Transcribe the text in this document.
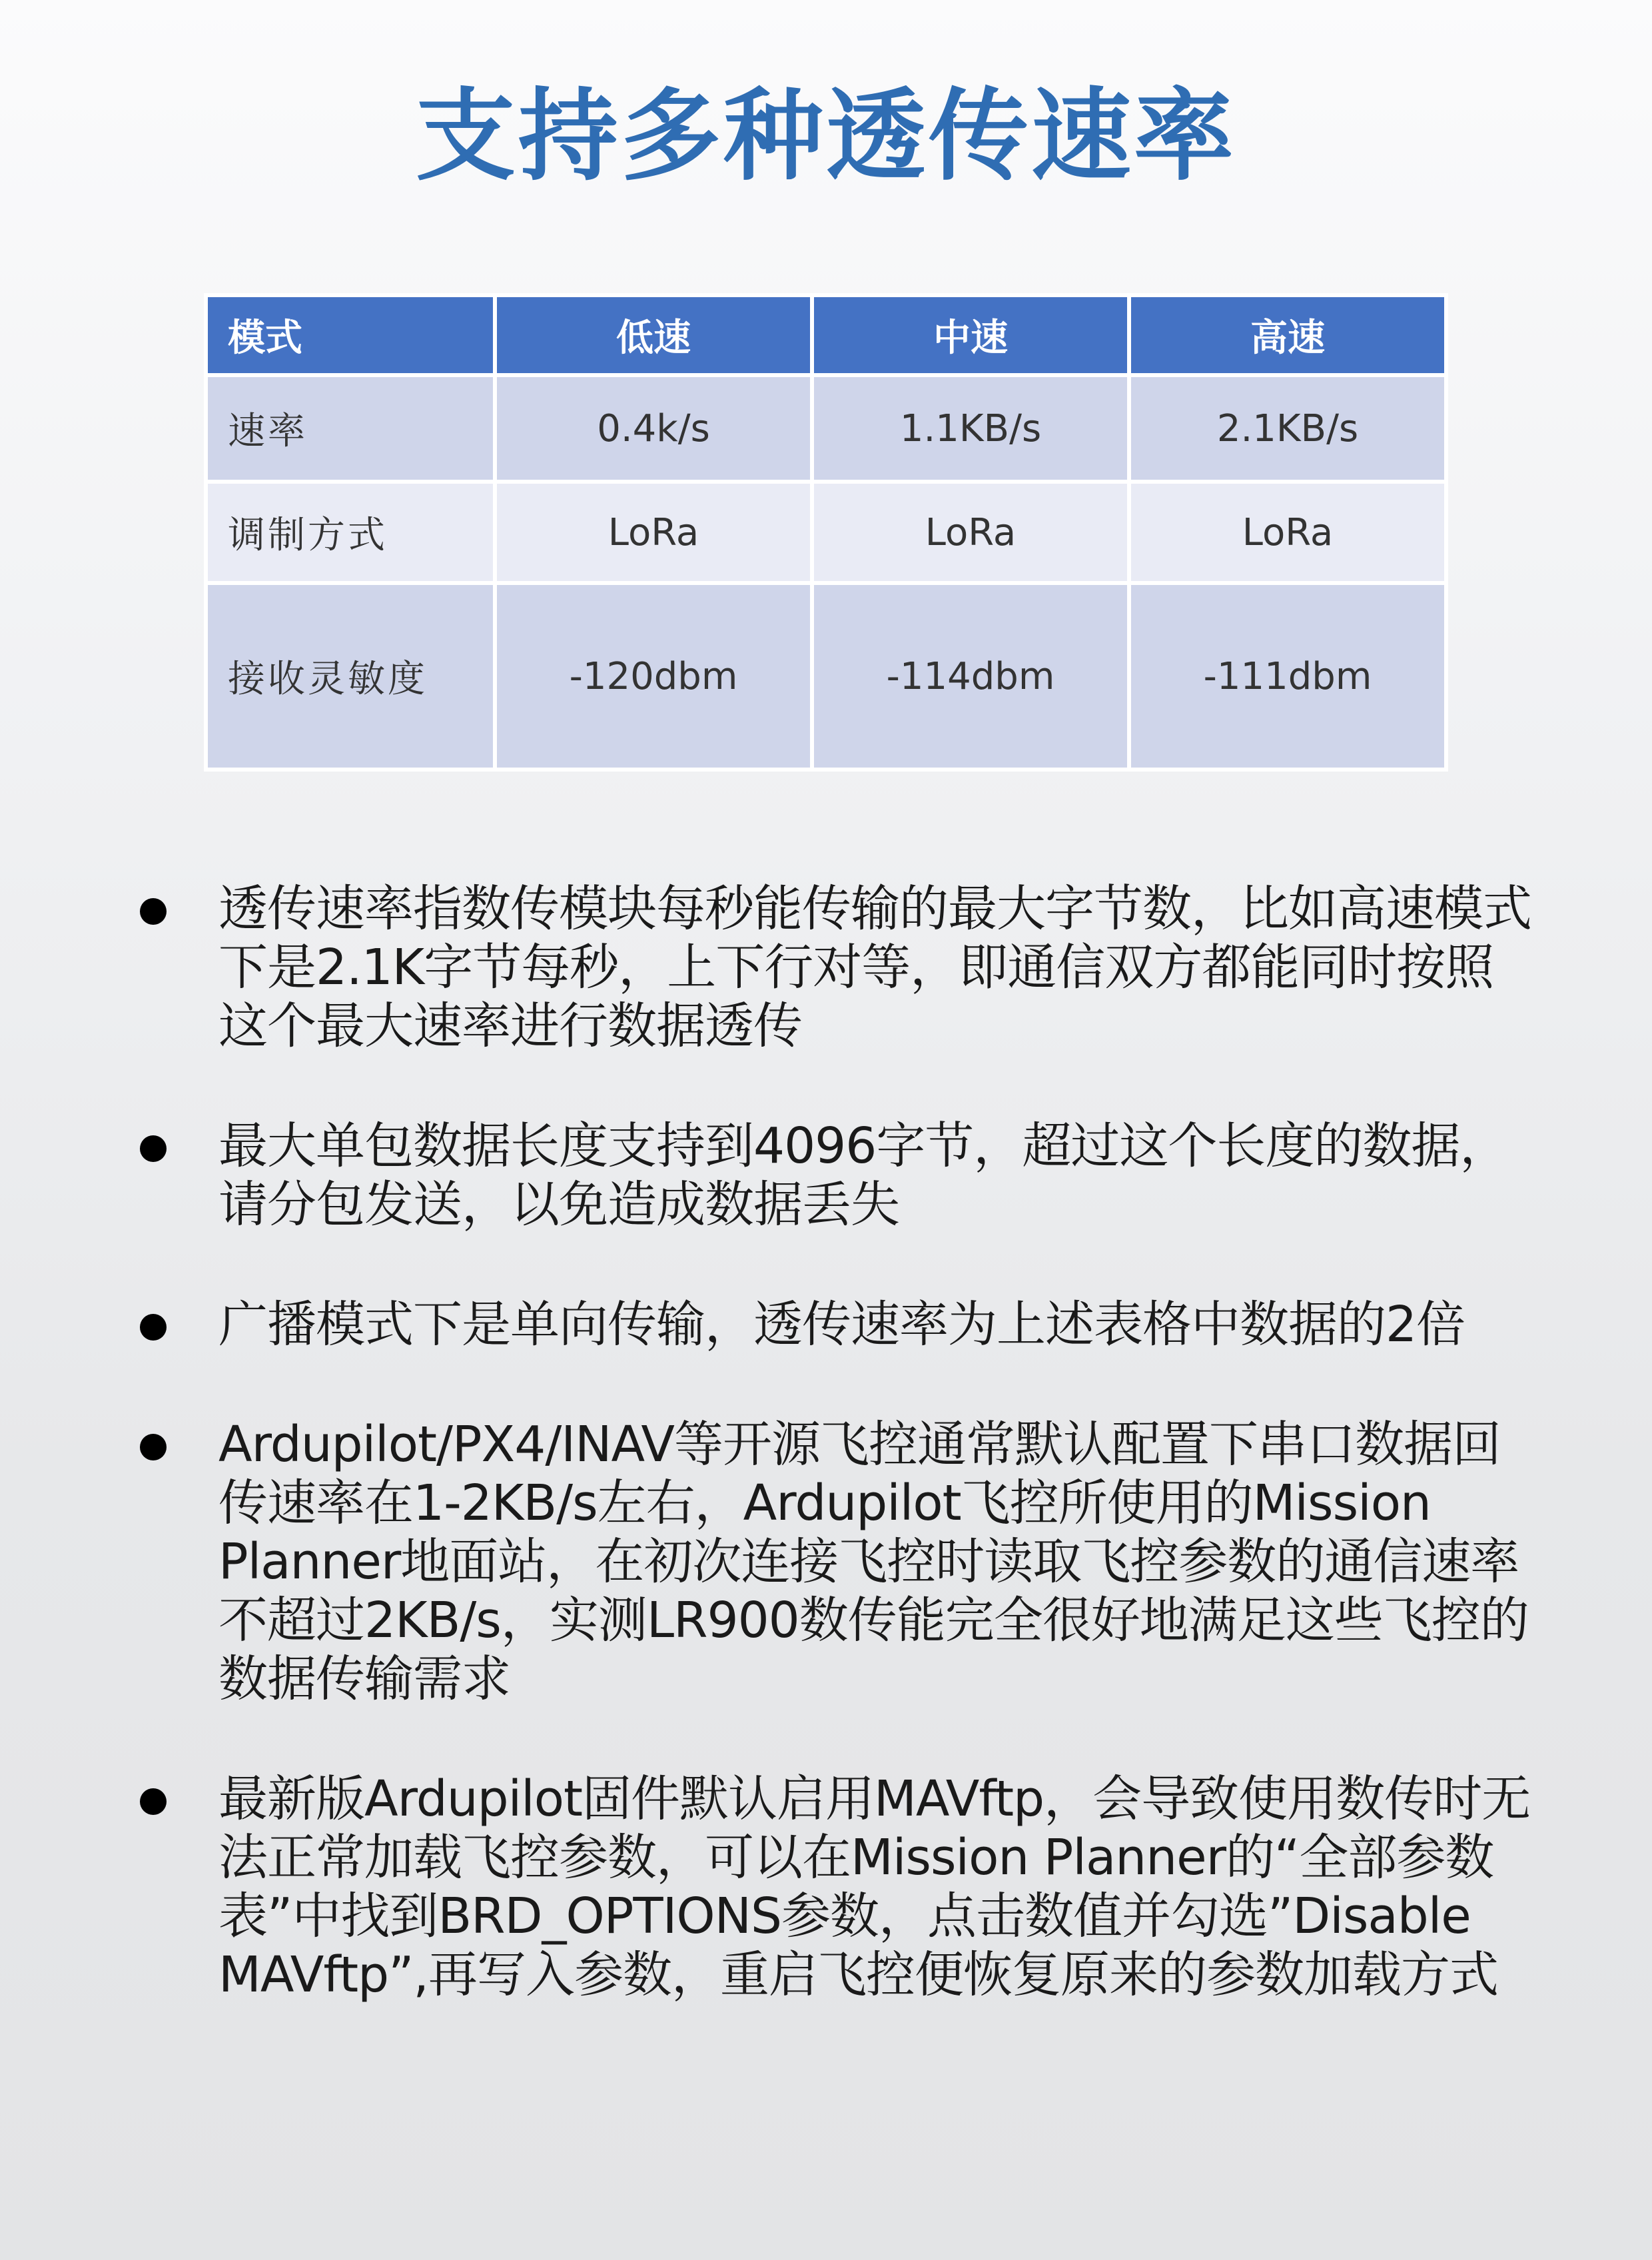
支持多种透传速率
模式	低速	中速	高速
速率	0.4k/s	1.1KB/s	2.1KB/s
调制方式	LoRa	LoRa	LoRa
接收灵敏度	-120dbm	-114dbm	-111dbm
透传速率指数传模块每秒能传输的最大字节数，比如高速模式下是2.1K字节每秒，上下行对等，即通信双方都能同时按照这个最大速率进行数据透传
最大单包数据长度支持到4096字节，超过这个长度的数据，请分包发送，以免造成数据丢失
广播模式下是单向传输，透传速率为上述表格中数据的2倍
Ardupilot/PX4/INAV等开源飞控通常默认配置下串口数据回传速率在1-2KB/s左右，Ardupilot飞控所使用的Mission Planner地面站，在初次连接飞控时读取飞控参数的通信速率不超过2KB/s，实测LR900数传能完全很好地满足这些飞控的数据传输需求
最新版Ardupilot固件默认启用MAVftp，会导致使用数传时无法正常加载飞控参数，可以在Mission Planner的“全部参数表”中找到BRD_OPTIONS参数，点击数值并勾选”Disable MAVftp”,再写入参数，重启飞控便恢复原来的参数加载方式
